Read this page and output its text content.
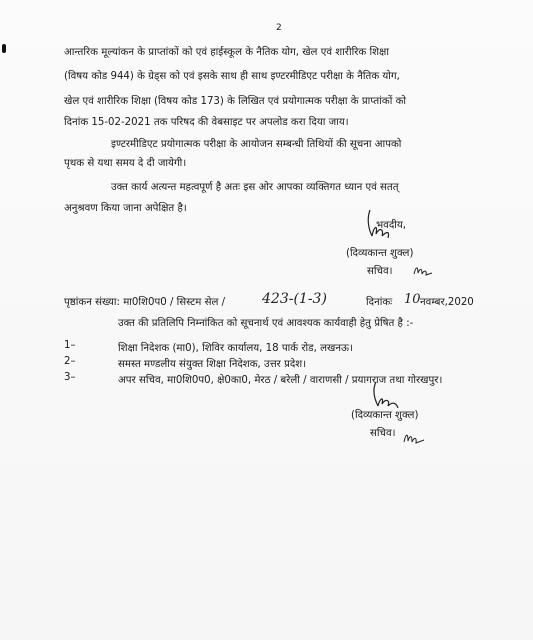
2
आन्तरिक मूल्यांकन के प्राप्तांकों को एवं हाईस्कूल के नैतिक योग, खेल एवं शारीरिक शिक्षा
(विषय कोड 944) के ग्रेड्स को एवं इसके साथ ही साथ इण्टरमीडिएट परीक्षा के नैतिक योग,
खेल एवं शारीरिक शिक्षा (विषय कोड 173) के लिखित एवं प्रयोगात्मक परीक्षा के प्राप्तांकों को
दिनांक 15-02-2021 तक परिषद की वेबसाइट पर अपलोड करा दिया जाय।
इण्टरमीडिएट प्रयोगात्मक परीक्षा के आयोजन सम्बन्धी तिथियों की सूचना आपको
पृथक से यथा समय दे दी जायेगी।
उक्त कार्य अत्यन्त महत्वपूर्ण है अतः इस ओर आपका व्यक्तिगत ध्यान एवं सतत्
अनुश्रवण किया जाना अपेक्षित है।
भवदीय,
(दिव्यकान्त शुक्ल)
सचिव।
पृष्ठांकन संख्या: मा0शि0प0 / सिस्टम सेल /	423-(1-3)	दिनांकः 10 नवम्बर,2020
उक्त की प्रतिलिपि निम्नांकित को सूचनार्थ एवं आवश्यक कार्यवाही हेतु प्रेषित है :-
1–	शिक्षा निदेशक (मा0), शिविर कार्यालय, 18 पार्क रोड, लखनऊ।
2–	समस्त मण्डलीय संयुक्त शिक्षा निदेशक, उत्तर प्रदेश।
3–	अपर सचिव, मा0शि0प0, क्षे0का0, मेरठ / बरेली / वाराणसी / प्रयागराज तथा गोरखपुर।
(दिव्यकान्त शुक्ल)
सचिव।
